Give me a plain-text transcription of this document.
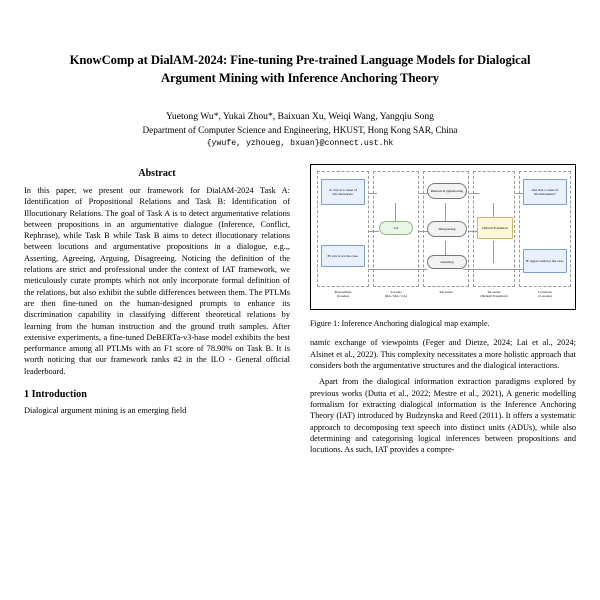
KnowComp at DialAM-2024: Fine-tuning Pre-trained Language Models for Dialogical Argument Mining with Inference Anchoring Theory
Yuetong Wu*, Yukai Zhou*, Baixuan Xu, Weiqi Wang, Yangqiu Song
Department of Computer Science and Engineering, HKUST, Hong Kong SAR, China
{ywufe, yzhoueg, bxuan}@connect.ust.hk
Abstract

In this paper, we present our framework for DialAM-2024 Task A: Identification of Propositional Relations and Task B: Identification of Illocutionary Relations. The goal of Task A is to detect argumentative relations between propositions in an argumentative dialogue (Inference, Conflict, Rephrase), while Task B while Task B aims to detect illocutionary relations between locutions and argumentative propositions in a dialogue, e.g.,, Asserting, Agreeing, Arguing, Disagreeing. Noticing the definition of the relations are strict and professional under the context of IAT framework, we meticulously curate prompts which not only incorporate formal definition of the relations, but also exhibit the subtle differences between them. The PTLMs are then fine-tuned on the human-designed prompts to enhance its discrimination capability in classifying different theoretical relations by learning from the human instruction and the ground truth samples. After extensive experiments, a fine-tuned DeBERTa-v3-base model exhibits the best performance among all PTLMs with an F1 score of 78.90% on Task B. It is worth noticing that our framework ranks #2 in the ILO - General official leaderboard.

1 Introduction

Dialogical argument mining is an emerging field

A: xxx is a cause of illocutionaries.
isn't that a cause of illocutionaries?
Rhetorical Questioning
CA	Disagreeing	Default Transition
B: xxx is not the case.
Asserting	B: Agree with not the case.
Propositions
(I-nodes)
S-nodes
(RA / MA / CA)
YA-nodes	TA-nodes
(Default Transition)
Locutions
(L-nodes)
Figure 1: Inference Anchoring dialogical map example.

namic exchange of viewpoints (Feger and Dietze, 2024; Lai et al., 2024; Alsinet et al., 2022). This complexity necessitates a more holistic approach that considers both the argumentative structures and the dialogical interactions.

Apart from the dialogical information extraction paradigms explored by previous works (Dutta et al., 2022; Mestre et al., 2021), A generic modelling formalism for extracting dialogical information is the Inference Anchoring Theory (IAT) introduced by Budzynska and Reed (2011). It offers a systematic approach to decomposing text speech into distinct units (ADUs), while also determining and categorising logical inferences between propositions and locutions. As such, IAT provides a compre-
